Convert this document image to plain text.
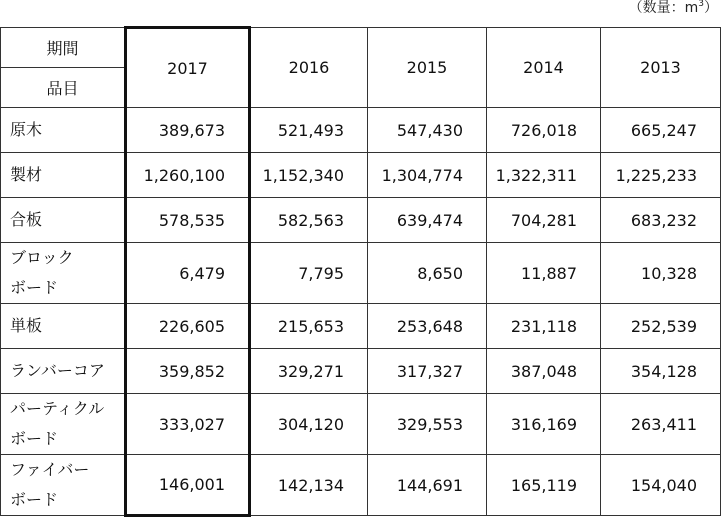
（数量：$m^3$）
期間	2017	2016	2015	2014	2013
品目					

原木	389,673	521,493	547,430	726,018	665,247

製材	1,260,100	1,152,340	1,304,774	1,322,311	1,225,233

合板	578,535	582,563	639,474	704,281	683,232

ブロック
ボード	6,479	7,795	8,650	11,887	10,328

単板	226,605	215,653	253,648	231,118	252,539

ランバーコア	359,852	329,271	317,327	387,048	354,128

パーティクル
ボード	333,027	304,120	329,553	316,169	263,411

ファイバー
ボード	146,001	142,134	144,691	165,119	154,040
